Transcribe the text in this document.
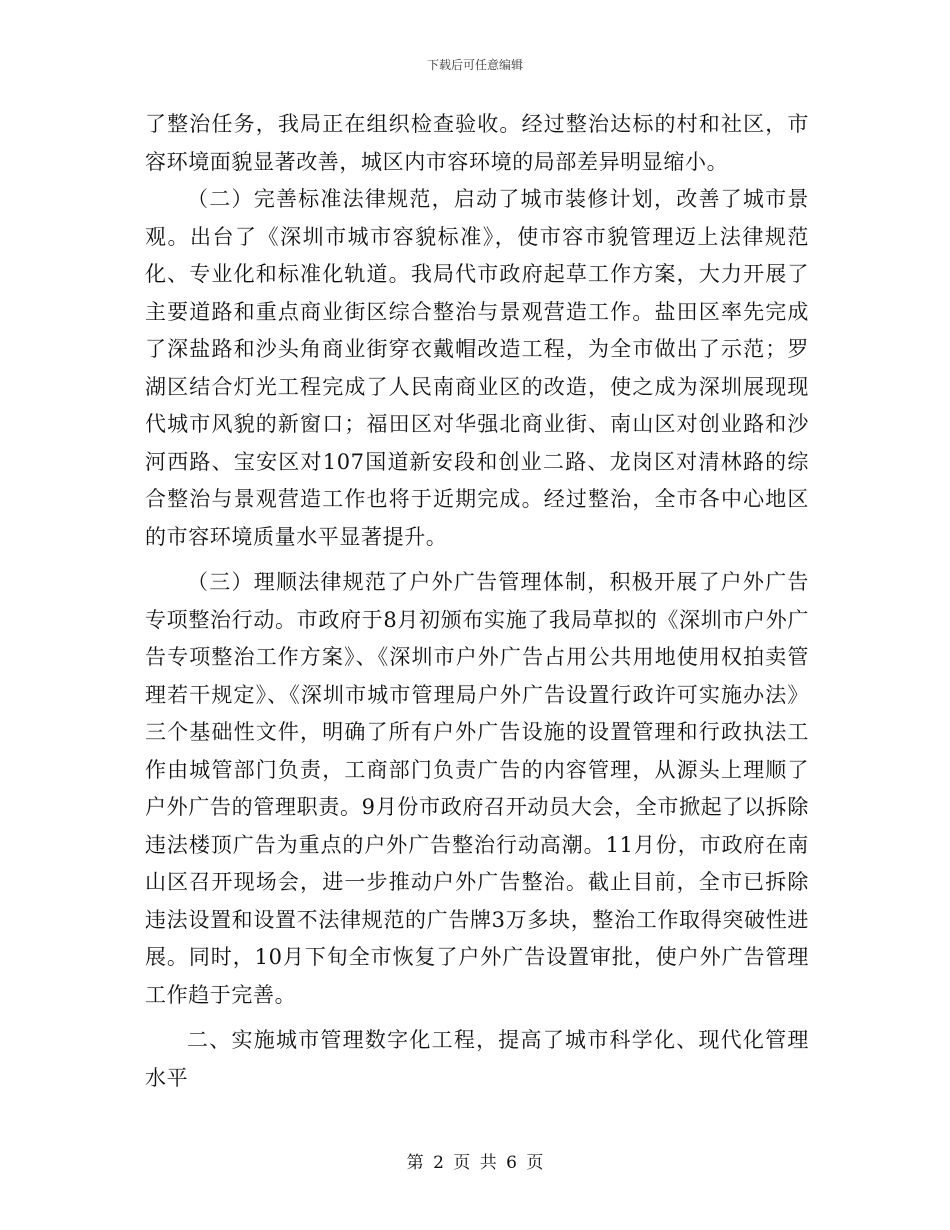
下载后可任意编辑

了整治任务，我局正在组织检查验收。经过整治达标的村和社区，市容环境面貌显著改善，城区内市容环境的局部差异明显缩小。

（二）完善标准法律规范，启动了城市装修计划，改善了城市景观。出台了《深圳市城市容貌标准》，使市容市貌管理迈上法律规范化、专业化和标准化轨道。我局代市政府起草工作方案，大力开展了主要道路和重点商业街区综合整治与景观营造工作。盐田区率先完成了深盐路和沙头角商业街穿衣戴帽改造工程，为全市做出了示范；罗湖区结合灯光工程完成了人民南商业区的改造，使之成为深圳展现现代城市风貌的新窗口；福田区对华强北商业街、南山区对创业路和沙河西路、宝安区对107国道新安段和创业二路、龙岗区对清林路的综合整治与景观营造工作也将于近期完成。经过整治，全市各中心地区的市容环境质量水平显著提升。

（三）理顺法律规范了户外广告管理体制，积极开展了户外广告专项整治行动。市政府于8月初颁布实施了我局草拟的《深圳市户外广告专项整治工作方案》、《深圳市户外广告占用公共用地使用权拍卖管理若干规定》、《深圳市城市管理局户外广告设置行政许可实施办法》三个基础性文件，明确了所有户外广告设施的设置管理和行政执法工作由城管部门负责，工商部门负责广告的内容管理，从源头上理顺了户外广告的管理职责。9月份市政府召开动员大会，全市掀起了以拆除违法楼顶广告为重点的户外广告整治行动高潮。11月份，市政府在南山区召开现场会，进一步推动户外广告整治。截止目前，全市已拆除违法设置和设置不法律规范的广告牌3万多块，整治工作取得突破性进展。同时，10月下旬全市恢复了户外广告设置审批，使户外广告管理工作趋于完善。

二、实施城市管理数字化工程，提高了城市科学化、现代化管理水平

第 2 页 共 6 页
